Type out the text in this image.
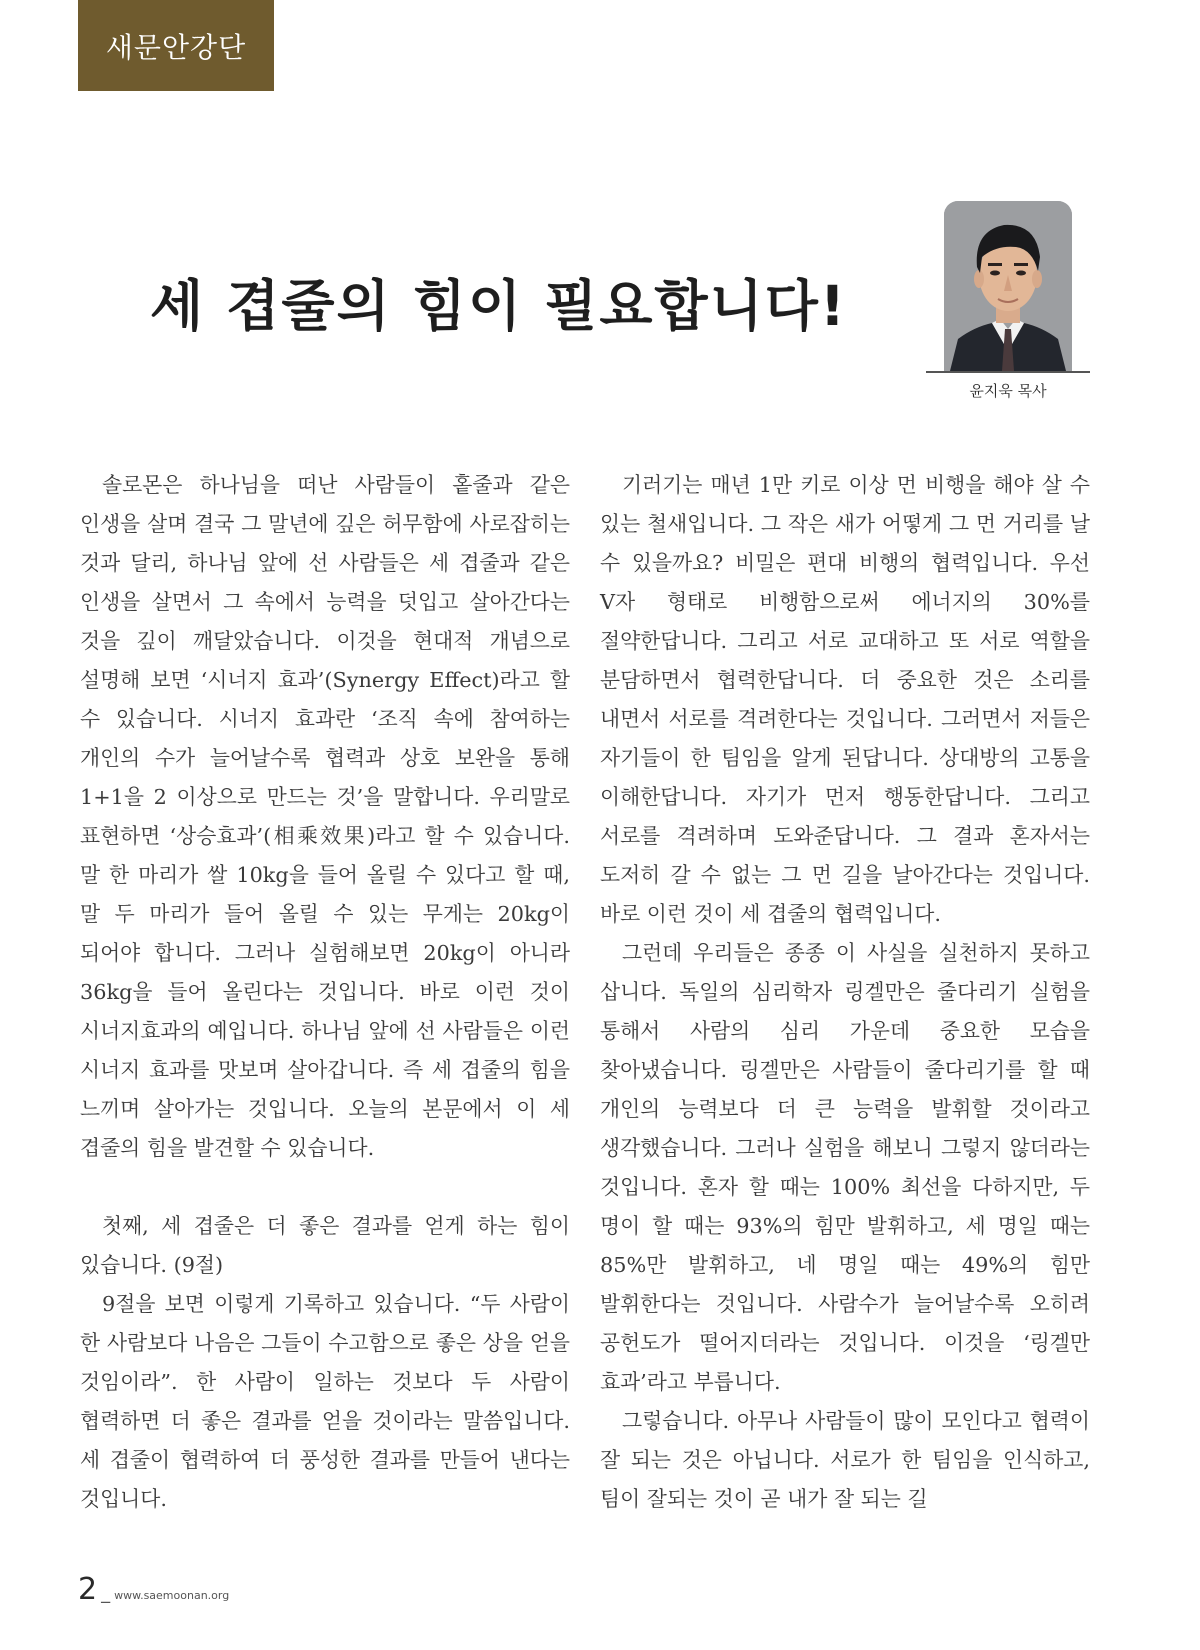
새문안강단
세 겹줄의 힘이 필요합니다!
윤지욱 목사

솔로몬은 하나님을 떠난 사람들이 홑줄과 같은 인생을 살며 결국 그 말년에 깊은 허무함에 사로잡히는 것과 달리, 하나님 앞에 선 사람들은 세 겹줄과 같은 인생을 살면서 그 속에서 능력을 덧입고 살아간다는 것을 깊이 깨달았습니다. 이것을 현대적 개념으로 설명해 보면 ‘시너지 효과’(Synergy Effect)라고 할 수 있습니다. 시너지 효과란 ‘조직 속에 참여하는 개인의 수가 늘어날수록 협력과 상호 보완을 통해 1+1을 2 이상으로 만드는 것’을 말합니다. 우리말로 표현하면 ‘상승효과’(相乘效果)라고 할 수 있습니다. 말 한 마리가 쌀 10kg을 들어 올릴 수 있다고 할 때, 말 두 마리가 들어 올릴 수 있는 무게는 20kg이 되어야 합니다. 그러나 실험해보면 20kg이 아니라 36kg을 들어 올린다는 것입니다. 바로 이런 것이 시너지효과의 예입니다. 하나님 앞에 선 사람들은 이런 시너지 효과를 맛보며 살아갑니다. 즉 세 겹줄의 힘을 느끼며 살아가는 것입니다. 오늘의 본문에서 이 세 겹줄의 힘을 발견할 수 있습니다.

첫째, 세 겹줄은 더 좋은 결과를 얻게 하는 힘이 있습니다. (9절)

9절을 보면 이렇게 기록하고 있습니다. “두 사람이 한 사람보다 나음은 그들이 수고함으로 좋은 상을 얻을 것임이라”. 한 사람이 일하는 것보다 두 사람이 협력하면 더 좋은 결과를 얻을 것이라는 말씀입니다. 세 겹줄이 협력하여 더 풍성한 결과를 만들어 낸다는 것입니다.

기러기는 매년 1만 키로 이상 먼 비행을 해야 살 수 있는 철새입니다. 그 작은 새가 어떻게 그 먼 거리를 날 수 있을까요? 비밀은 편대 비행의 협력입니다. 우선 V자 형태로 비행함으로써 에너지의 30%를 절약한답니다. 그리고 서로 교대하고 또 서로 역할을 분담하면서 협력한답니다. 더 중요한 것은 소리를 내면서 서로를 격려한다는 것입니다. 그러면서 저들은 자기들이 한 팀임을 알게 된답니다. 상대방의 고통을 이해한답니다. 자기가 먼저 행동한답니다. 그리고 서로를 격려하며 도와준답니다. 그 결과 혼자서는 도저히 갈 수 없는 그 먼 길을 날아간다는 것입니다. 바로 이런 것이 세 겹줄의 협력입니다.

그런데 우리들은 종종 이 사실을 실천하지 못하고 삽니다. 독일의 심리학자 링겔만은 줄다리기 실험을 통해서 사람의 심리 가운데 중요한 모습을 찾아냈습니다. 링겔만은 사람들이 줄다리기를 할 때 개인의 능력보다 더 큰 능력을 발휘할 것이라고 생각했습니다. 그러나 실험을 해보니 그렇지 않더라는 것입니다. 혼자 할 때는 100% 최선을 다하지만, 두 명이 할 때는 93%의 힘만 발휘하고, 세 명일 때는 85%만 발휘하고, 네 명일 때는 49%의 힘만 발휘한다는 것입니다. 사람수가 늘어날수록 오히려 공헌도가 떨어지더라는 것입니다. 이것을 ‘링겔만 효과’라고 부릅니다.

그렇습니다. 아무나 사람들이 많이 모인다고 협력이 잘 되는 것은 아닙니다. 서로가 한 팀임을 인식하고, 팀이 잘되는 것이 곧 내가 잘 되는 길

2 _ www.saemoonan.org
